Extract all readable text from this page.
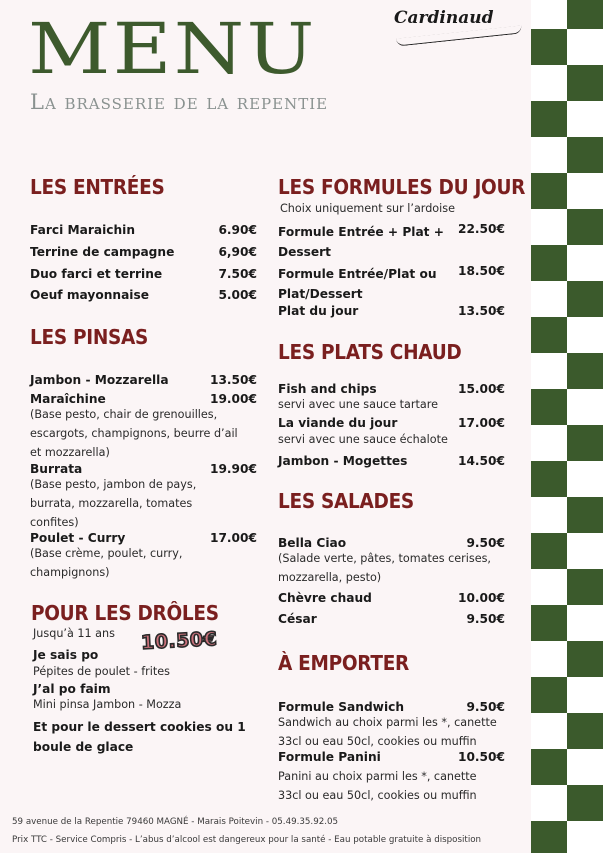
MENU
La brasserie de la repentie
Cardinaud
LES ENTRÉES
Farci Maraichin	6.90€
Terrine de campagne	6,90€
Duo farci et terrine	7.50€
Oeuf mayonnaise	5.00€
LES PINSAS
Jambon - Mozzarella	13.50€
Maraîchine	19.00€
(Base pesto, chair de grenouilles,
escargots, champignons, beurre d’ail
et mozzarella)
Burrata	19.90€
(Base pesto, jambon de pays,
burrata, mozzarella, tomates
confites)
Poulet - Curry	17.00€
(Base crème, poulet, curry,
champignons)
POUR LES DRÔLES
Jusqu’à 11 ans 10.50€
Je sais po
Pépites de poulet - frites
J’al po faim
Mini pinsa Jambon - Mozza
Et pour le dessert cookies ou 1
boule de glace
LES FORMULES DU JOUR
Choix uniquement sur l’ardoise
Formule Entrée + Plat +
Dessert
22.50€
Formule Entrée/Plat ou
Plat/Dessert
18.50€
Plat du jour	13.50€
LES PLATS CHAUD
Fish and chips	15.00€
servi avec une sauce tartare
La viande du jour	17.00€
servi avec une sauce échalote
Jambon - Mogettes	14.50€
LES SALADES
Bella Ciao	9.50€
(Salade verte, pâtes, tomates cerises,
mozzarella, pesto)
Chèvre chaud	10.00€
César	9.50€
À EMPORTER
Formule Sandwich	9.50€
Sandwich au choix parmi les *, canette
33cl ou eau 50cl, cookies ou muffin
Formule Panini	10.50€
Panini au choix parmi les *, canette
33cl ou eau 50cl, cookies ou muffin
59 avenue de la Repentie 79460 MAGNÉ - Marais Poitevin - 05.49.35.92.05
Prix TTC - Service Compris - L’abus d’alcool est dangereux pour la santé - Eau potable gratuite à disposition
